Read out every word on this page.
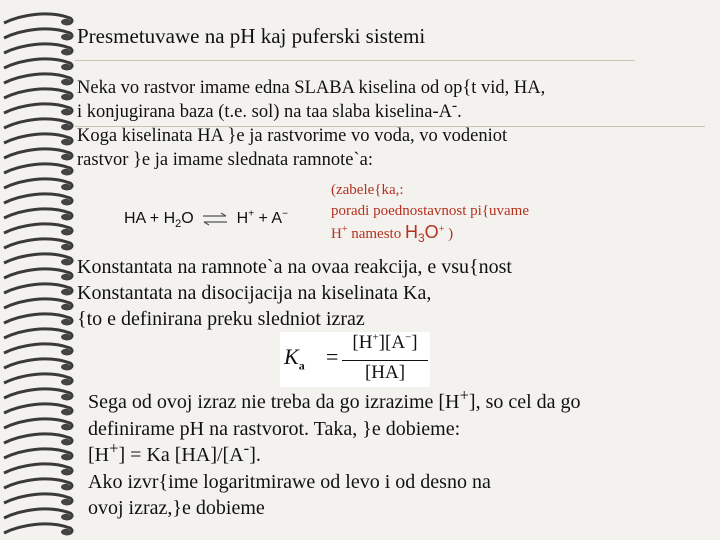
Presmetuvawe na pH kaj puferski sistemi
Neka vo rastvor imame edna SLABA kiselina od op{t vid, HA,
i konjugirana baza (t.e. sol) na taa slaba kiselina-A-.
Koga kiselinata HA }e ja rastvorime vo voda, vo vodeniot
rastvor }e ja imame slednata ramnote`a:
HA + $H_2O$ ⇌ H+ + A−
(zabele{ka,:
poradi poednostavnost pi{uvame
H+ namesto $H_3O^+$ )
Konstantata na ramnote`a na ovaa reakcija, e vsu{nost
Konstantata na disocijacija na kiselinata Ka,
{to e definirana preku sledniot izraz
$K_a$ =
[H+][A−]
[HA]
Sega od ovoj izraz nie treba da go izrazime [H+], so cel da go
definirame pH na rastvorot. Taka, }e dobieme:
[H+] = Ka [HA]/[A-].
Ako izvr{ime logaritmirawe od levo i od desno na
ovoj izraz,}e dobieme
